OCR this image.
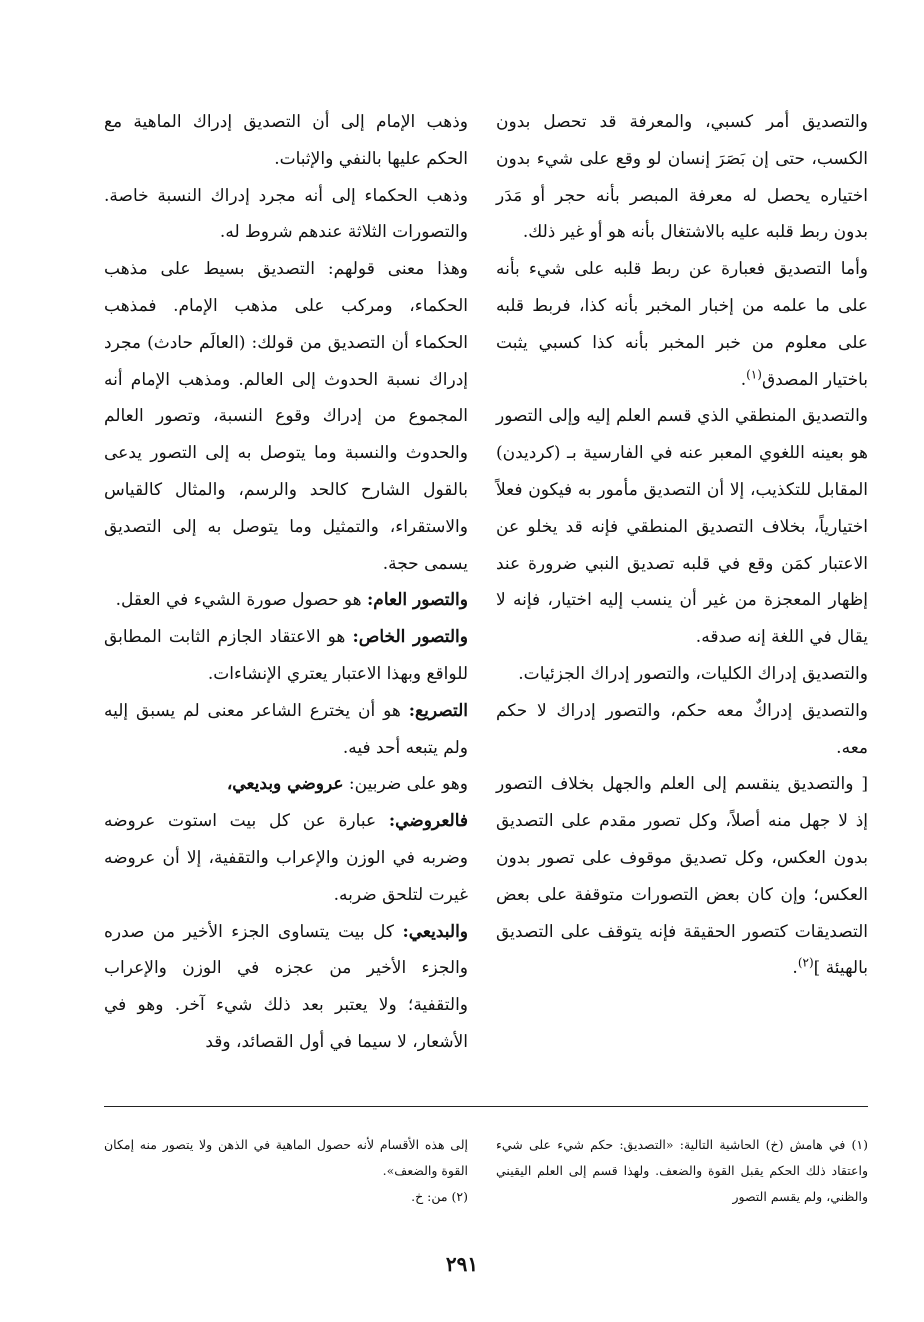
والتصديق أمر كسبي، والمعرفة قد تحصل بدون الكسب، حتى إن بَصَرَ إنسان لو وقع على شيء بدون اختياره يحصل له معرفة المبصر بأنه حجر أو مَدَر بدون ربط قلبه عليه بالاشتغال بأنه هو أو غير ذلك.

وأما التصديق فعبارة عن ربط قلبه على شيء بأنه على ما علمه من إخبار المخبر بأنه كذا، فربط قلبه على معلوم من خبر المخبر بأنه كذا كسبي يثبت باختيار المصدق$^{(١)}$.

والتصديق المنطقي الذي قسم العلم إليه وإلى التصور هو بعينه اللغوي المعبر عنه في الفارسية بـ (كرديدن) المقابل للتكذيب، إلا أن التصديق مأمور به فيكون فعلاً اختيارياً، بخلاف التصديق المنطقي فإنه قد يخلو عن الاعتبار كمَن وقع في قلبه تصديق النبي ضرورة عند إظهار المعجزة من غير أن ينسب إليه اختيار، فإنه لا يقال في اللغة إنه صدقه.

والتصديق إدراك الكليات، والتصور إدراك الجزئيات.

والتصديق إدراكٌ معه حكم، والتصور إدراك لا حكم معه.

[ والتصديق ينقسم إلى العلم والجهل بخلاف التصور إذ لا جهل منه أصلاً، وكل تصور مقدم على التصديق بدون العكس، وكل تصديق موقوف على تصور بدون العكس؛ وإن كان بعض التصورات متوقفة على بعض التصديقات كتصور الحقيقة فإنه يتوقف على التصديق بالهيئة ]$^{(٢)}$.

وذهب الإمام إلى أن التصديق إدراك الماهية مع الحكم عليها بالنفي والإثبات.

وذهب الحكماء إلى أنه مجرد إدراك النسبة خاصة. والتصورات الثلاثة عندهم شروط له.

وهذا معنى قولهم: التصديق بسيط على مذهب الحكماء، ومركب على مذهب الإمام. فمذهب الحكماء أن التصديق من قولك: (العالَم حادث) مجرد إدراك نسبة الحدوث إلى العالم. ومذهب الإمام أنه المجموع من إدراك وقوع النسبة، وتصور العالم والحدوث والنسبة وما يتوصل به إلى التصور يدعى بالقول الشارح كالحد والرسم، والمثال كالقياس والاستقراء، والتمثيل وما يتوصل به إلى التصديق يسمى حجة.

والتصور العام: هو حصول صورة الشيء في العقل.

والتصور الخاص: هو الاعتقاد الجازم الثابت المطابق للواقع وبهذا الاعتبار يعتري الإنشاءات.

التصريع: هو أن يخترع الشاعر معنى لم يسبق إليه ولم يتبعه أحد فيه.

وهو على ضربين: عروضي وبديعي،

فالعروضي: عبارة عن كل بيت استوت عروضه وضربه في الوزن والإعراب والتقفية، إلا أن عروضه غيرت لتلحق ضربه.

والبديعي: كل بيت يتساوى الجزء الأخير من صدره والجزء الأخير من عجزه في الوزن والإعراب والتقفية؛ ولا يعتبر بعد ذلك شيء آخر. وهو في الأشعار، لا سيما في أول القصائد، وقد

(١) في هامش (خ) الحاشية التالية: «التصديق: حكم شيء على شيء واعتقاد ذلك الحكم يقبل القوة والضعف. ولهذا قسم إلى العلم اليقيني والظني، ولم يقسم التصور

إلى هذه الأقسام لأنه حصول الماهية في الذهن ولا يتصور منه إمكان القوة والضعف».

(٢) من: خ.

٢٩١
